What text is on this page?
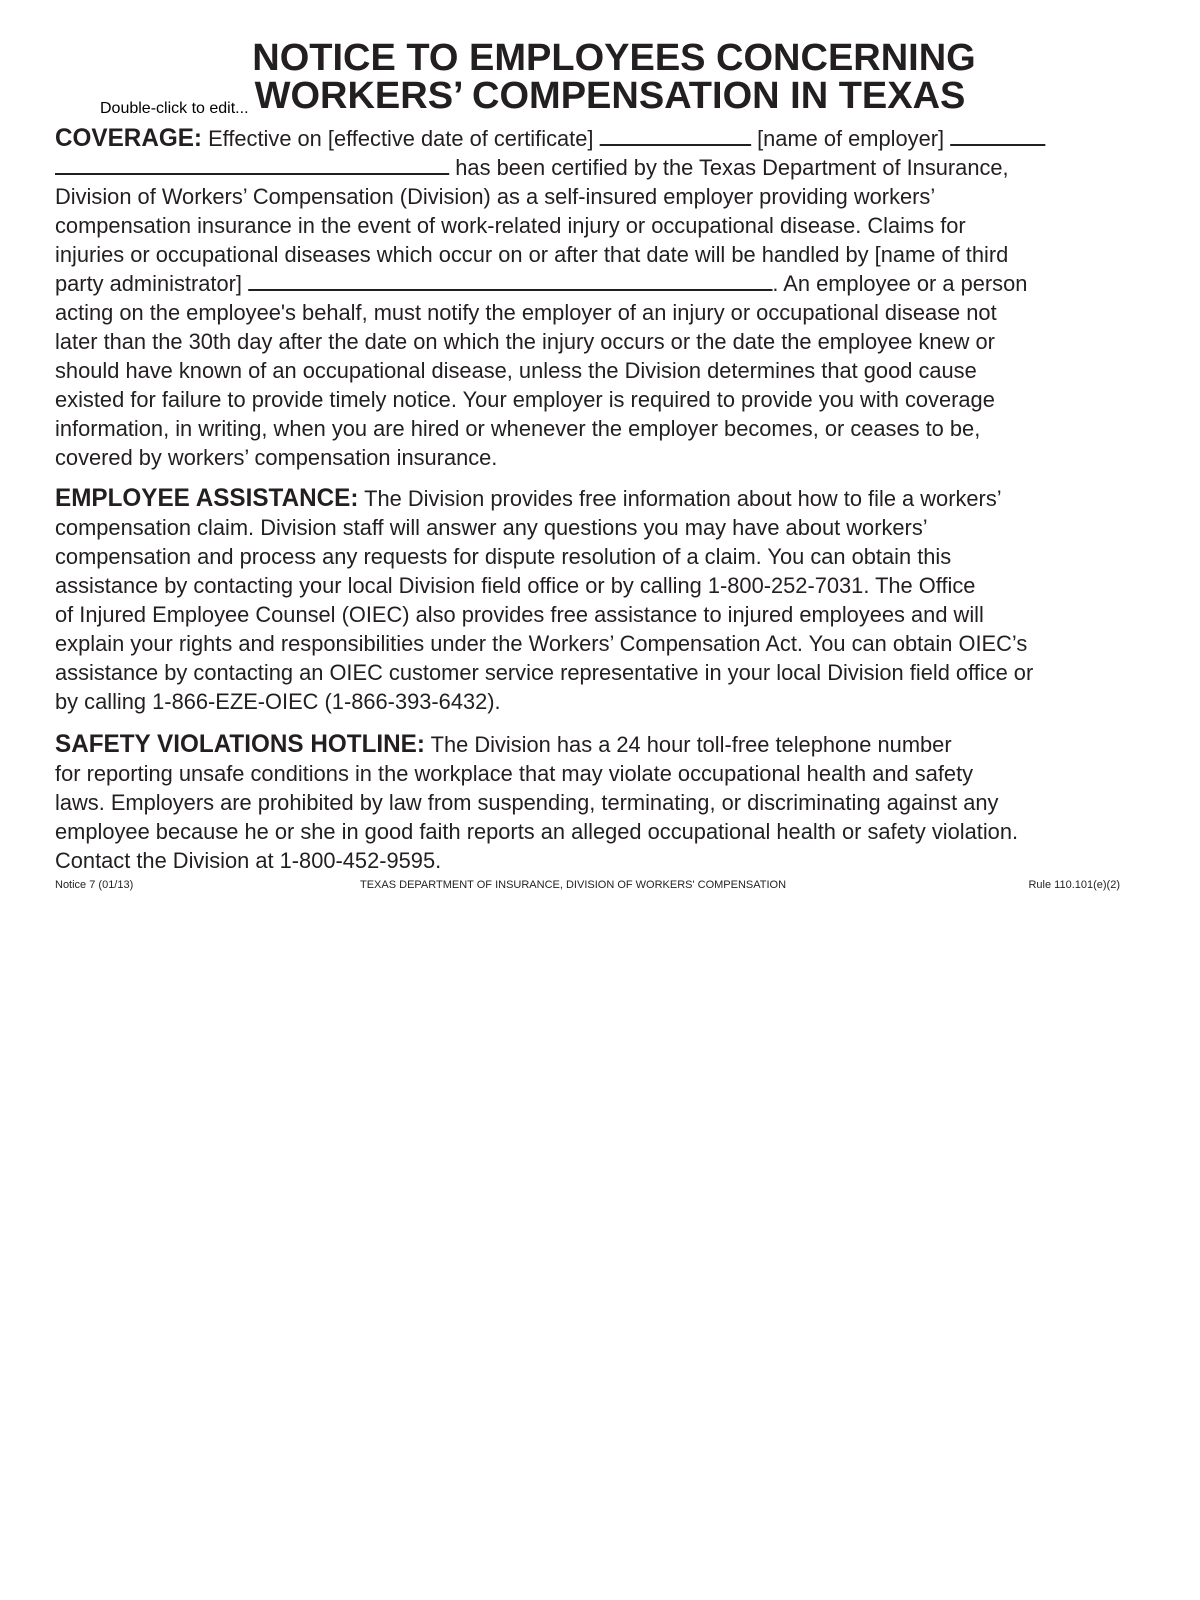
NOTICE TO EMPLOYEES CONCERNING
WORKERS’ COMPENSATION IN TEXAS
Double-click to edit...
COVERAGE: Effective on [effective date of certificate]	[name of employer]
has been certified by the Texas Department of Insurance,
Division of Workers’ Compensation (Division) as a self-insured employer providing workers’
compensation insurance in the event of work-related injury or occupational disease. Claims for
injuries or occupational diseases which occur on or after that date will be handled by [name of third
party administrator]	. An employee or a person
acting on the employee's behalf, must notify the employer of an injury or occupational disease not
later than the 30th day after the date on which the injury occurs or the date the employee knew or
should have known of an occupational disease, unless the Division determines that good cause
existed for failure to provide timely notice. Your employer is required to provide you with coverage
information, in writing, when you are hired or whenever the employer becomes, or ceases to be,
covered by workers’ compensation insurance.
EMPLOYEE ASSISTANCE: The Division provides free information about how to file a workers’
compensation claim. Division staff will answer any questions you may have about workers’
compensation and process any requests for dispute resolution of a claim. You can obtain this
assistance by contacting your local Division field office or by calling 1-800-252-7031. The Office
of Injured Employee Counsel (OIEC) also provides free assistance to injured employees and will
explain your rights and responsibilities under the Workers’ Compensation Act. You can obtain OIEC’s
assistance by contacting an OIEC customer service representative in your local Division field office or
by calling 1-866-EZE-OIEC (1-866-393-6432).
SAFETY VIOLATIONS HOTLINE: The Division has a 24 hour toll-free telephone number
for reporting unsafe conditions in the workplace that may violate occupational health and safety
laws. Employers are prohibited by law from suspending, terminating, or discriminating against any
employee because he or she in good faith reports an alleged occupational health or safety violation.
Contact the Division at 1-800-452-9595.
Notice 7 (01/13)	TEXAS DEPARTMENT OF INSURANCE, DIVISION OF WORKERS' COMPENSATION	Rule 110.101(e)(2)
